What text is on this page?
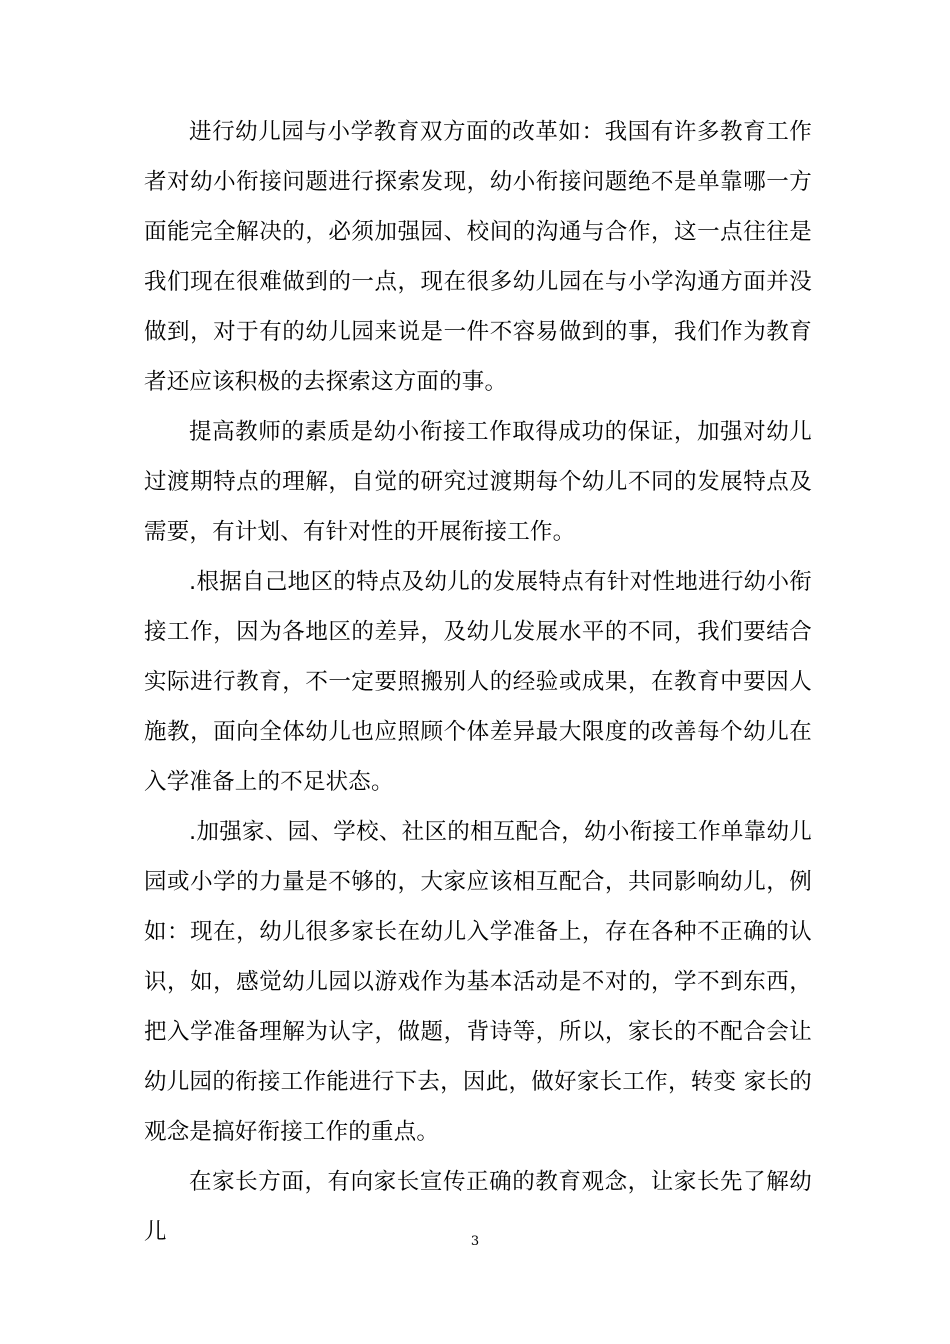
进行幼儿园与小学教育双方面的改革如：我国有许多教育工作者对幼小衔接问题进行探索发现，幼小衔接问题绝不是单靠哪一方面能完全解决的，必须加强园、校间的沟通与合作，这一点往往是我们现在很难做到的一点，现在很多幼儿园在与小学沟通方面并没做到，对于有的幼儿园来说是一件不容易做到的事，我们作为教育者还应该积极的去探索这方面的事。

提高教师的素质是幼小衔接工作取得成功的保证，加强对幼儿过渡期特点的理解，自觉的研究过渡期每个幼儿不同的发展特点及需要，有计划、有针对性的开展衔接工作。

.根据自己地区的特点及幼儿的发展特点有针对性地进行幼小衔接工作，因为各地区的差异，及幼儿发展水平的不同，我们要结合实际进行教育，不一定要照搬别人的经验或成果，在教育中要因人施教，面向全体幼儿也应照顾个体差异最大限度的改善每个幼儿在入学准备上的不足状态。

.加强家、园、学校、社区的相互配合，幼小衔接工作单靠幼儿园或小学的力量是不够的，大家应该相互配合，共同影响幼儿，例如：现在，幼儿很多家长在幼儿入学准备上，存在各种不正确的认识，如，感觉幼儿园以游戏作为基本活动是不对的，学不到东西，把入学准备理解为认字，做题，背诗等，所以，家长的不配合会让幼儿园的衔接工作能进行下去，因此，做好家长工作，转变 家长的观念是搞好衔接工作的重点。

在家长方面，有向家长宣传正确的教育观念，让家长先了解幼儿	3
